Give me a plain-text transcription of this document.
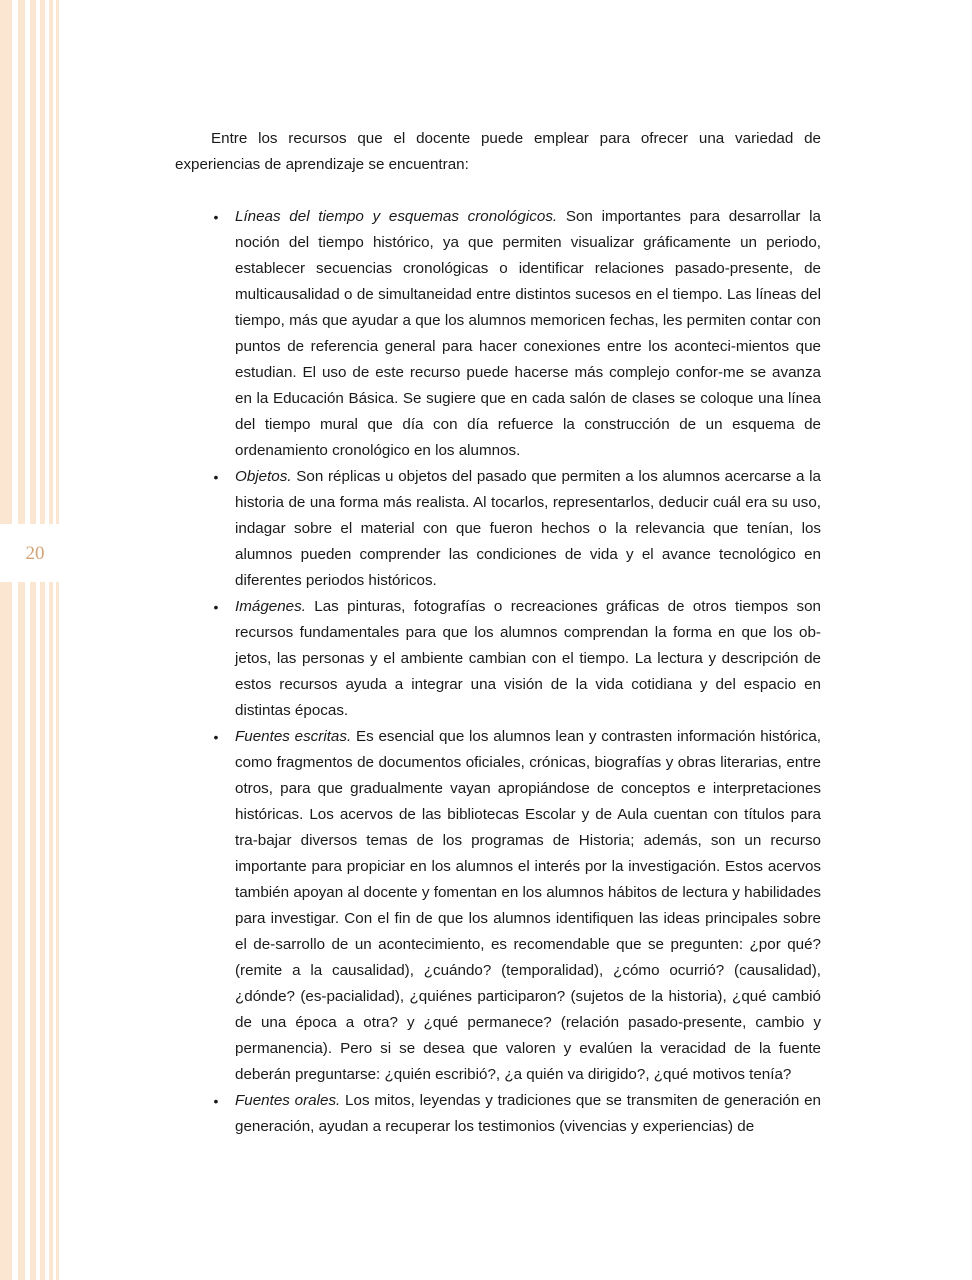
20

Entre los recursos que el docente puede emplear para ofrecer una variedad de experiencias de aprendizaje se encuentran:

• Líneas del tiempo y esquemas cronológicos. Son importantes para desarrollar la noción del tiempo histórico, ya que permiten visualizar gráficamente un periodo, establecer secuencias cronológicas o identificar relaciones pasado-presente, de multicausalidad o de simultaneidad entre distintos sucesos en el tiempo. Las líneas del tiempo, más que ayudar a que los alumnos memoricen fechas, les permiten contar con puntos de referencia general para hacer conexiones entre los aconteci-mientos que estudian. El uso de este recurso puede hacerse más complejo confor-me se avanza en la Educación Básica. Se sugiere que en cada salón de clases se coloque una línea del tiempo mural que día con día refuerce la construcción de un esquema de ordenamiento cronológico en los alumnos.
• Objetos. Son réplicas u objetos del pasado que permiten a los alumnos acercarse a la historia de una forma más realista. Al tocarlos, representarlos, deducir cuál era su uso, indagar sobre el material con que fueron hechos o la relevancia que tenían, los alumnos pueden comprender las condiciones de vida y el avance tecnológico en diferentes periodos históricos.
• Imágenes. Las pinturas, fotografías o recreaciones gráficas de otros tiempos son recursos fundamentales para que los alumnos comprendan la forma en que los ob-jetos, las personas y el ambiente cambian con el tiempo. La lectura y descripción de estos recursos ayuda a integrar una visión de la vida cotidiana y del espacio en distintas épocas.
• Fuentes escritas. Es esencial que los alumnos lean y contrasten información histórica, como fragmentos de documentos oficiales, crónicas, biografías y obras literarias, entre otros, para que gradualmente vayan apropiándose de conceptos e interpretaciones históricas. Los acervos de las bibliotecas Escolar y de Aula cuentan con títulos para tra-bajar diversos temas de los programas de Historia; además, son un recurso importante para propiciar en los alumnos el interés por la investigación. Estos acervos también apoyan al docente y fomentan en los alumnos hábitos de lectura y habilidades para investigar. Con el fin de que los alumnos identifiquen las ideas principales sobre el de-sarrollo de un acontecimiento, es recomendable que se pregunten: ¿por qué? (remite a la causalidad), ¿cuándo? (temporalidad), ¿cómo ocurrió? (causalidad), ¿dónde? (es-pacialidad), ¿quiénes participaron? (sujetos de la historia), ¿qué cambió de una época a otra? y ¿qué permanece? (relación pasado-presente, cambio y permanencia). Pero si se desea que valoren y evalúen la veracidad de la fuente deberán preguntarse: ¿quién escribió?, ¿a quién va dirigido?, ¿qué motivos tenía?
• Fuentes orales. Los mitos, leyendas y tradiciones que se transmiten de generación en generación, ayudan a recuperar los testimonios (vivencias y experiencias) de
